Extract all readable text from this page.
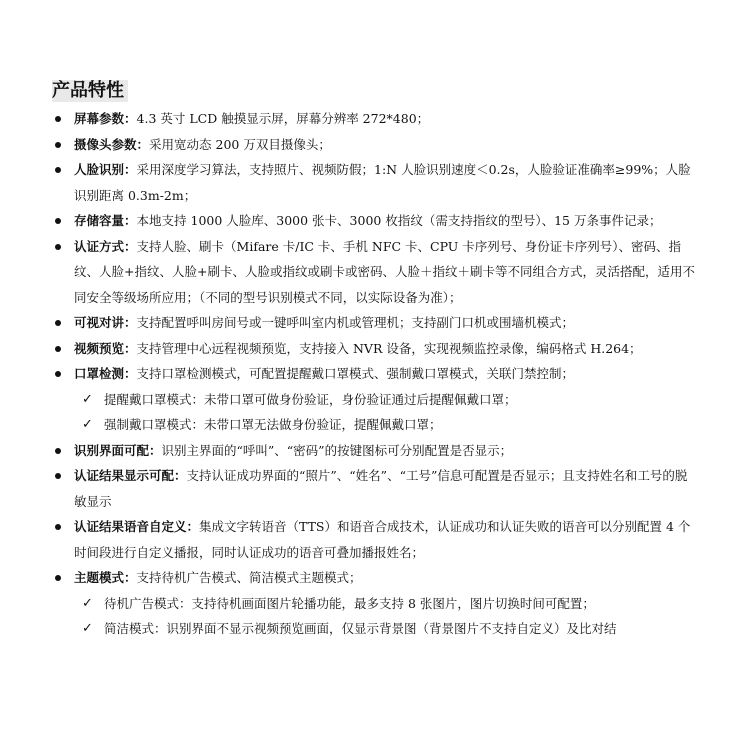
产品特性
屏幕参数：4.3 英寸 LCD 触摸显示屏，屏幕分辨率 272*480；
摄像头参数：采用宽动态 200 万双目摄像头；
人脸识别：采用深度学习算法，支持照片、视频防假；1:N 人脸识别速度＜0.2s，人脸验证准确率≥99%；人脸识别距离 0.3m-2m；
存储容量：本地支持 1000 人脸库、3000 张卡、3000 枚指纹（需支持指纹的型号）、15 万条事件记录；
认证方式：支持人脸、刷卡（Mifare 卡/IC 卡、手机 NFC 卡、CPU 卡序列号、身份证卡序列号）、密码、指纹、人脸+指纹、人脸+刷卡、人脸或指纹或刷卡或密码、人脸＋指纹＋刷卡等不同组合方式，灵活搭配，适用不同安全等级场所应用；（不同的型号识别模式不同，以实际设备为准）；
可视对讲：支持配置呼叫房间号或一键呼叫室内机或管理机；支持副门口机或围墙机模式；
视频预览：支持管理中心远程视频预览，支持接入 NVR 设备，实现视频监控录像，编码格式 H.264；
口罩检测：支持口罩检测模式，可配置提醒戴口罩模式、强制戴口罩模式，关联门禁控制；
✓ 提醒戴口罩模式：未带口罩可做身份验证，身份验证通过后提醒佩戴口罩；
✓ 强制戴口罩模式：未带口罩无法做身份验证，提醒佩戴口罩；
识别界面可配：识别主界面的“呼叫”、“密码”的按键图标可分别配置是否显示；
认证结果显示可配：支持认证成功界面的“照片”、“姓名”、“工号”信息可配置是否显示；且支持姓名和工号的脱敏显示
认证结果语音自定义：集成文字转语音（TTS）和语音合成技术，认证成功和认证失败的语音可以分别配置 4 个时间段进行自定义播报，同时认证成功的语音可叠加播报姓名；
主题模式：支持待机广告模式、简洁模式主题模式；
✓ 待机广告模式：支持待机画面图片轮播功能，最多支持 8 张图片，图片切换时间可配置；
✓ 简洁模式：识别界面不显示视频预览画面，仅显示背景图（背景图片不支持自定义）及比对结
